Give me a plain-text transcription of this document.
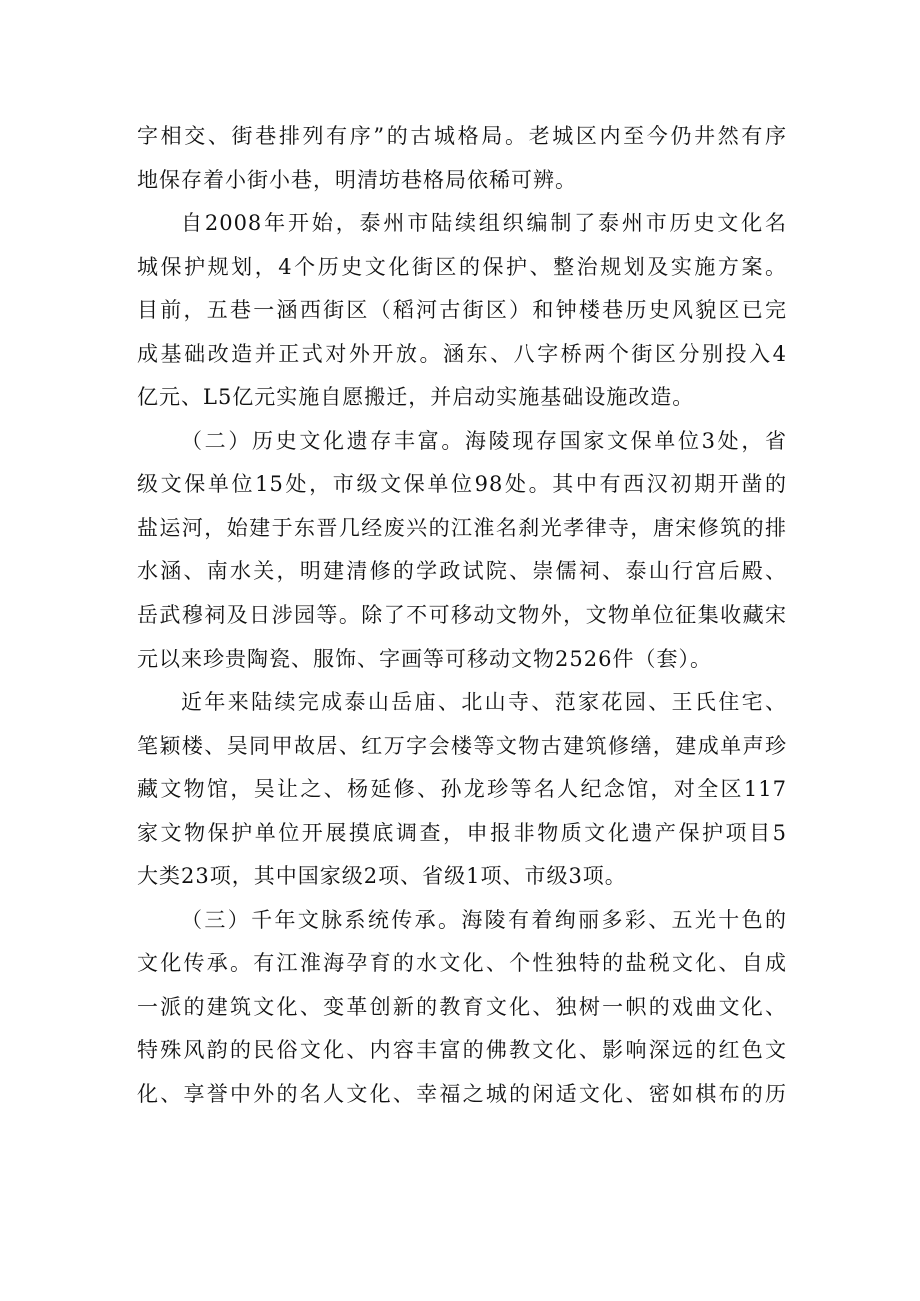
字相交、街巷排列有序”的古城格局。老城区内至今仍井然有序
地保存着小街小巷，明清坊巷格局依稀可辨。
自2008年开始，泰州市陆续组织编制了泰州市历史文化名
城保护规划，4个历史文化街区的保护、整治规划及实施方案。
目前，五巷一涵西街区（稻河古街区）和钟楼巷历史风貌区已完
成基础改造并正式对外开放。涵东、八字桥两个街区分别投入4
亿元、L5亿元实施自愿搬迁，并启动实施基础设施改造。
（二）历史文化遗存丰富。海陵现存国家文保单位3处，省
级文保单位15处，市级文保单位98处。其中有西汉初期开凿的
盐运河，始建于东晋几经废兴的江淮名刹光孝律寺，唐宋修筑的排
水涵、南水关，明建清修的学政试院、崇儒祠、泰山行宫后殿、
岳武穆祠及日涉园等。除了不可移动文物外，文物单位征集收藏宋
元以来珍贵陶瓷、服饰、字画等可移动文物2526件（套）。
近年来陆续完成泰山岳庙、北山寺、范家花园、王氏住宅、
笔颖楼、吴同甲故居、红万字会楼等文物古建筑修缮，建成单声珍
藏文物馆，吴让之、杨延修、孙龙珍等名人纪念馆，对全区117
家文物保护单位开展摸底调查，申报非物质文化遗产保护项目5
大类23项，其中国家级2项、省级1项、市级3项。
（三）千年文脉系统传承。海陵有着绚丽多彩、五光十色的
文化传承。有江淮海孕育的水文化、个性独特的盐税文化、自成
一派的建筑文化、变革创新的教育文化、独树一帜的戏曲文化、
特殊风韵的民俗文化、内容丰富的佛教文化、影响深远的红色文
化、享誉中外的名人文化、幸福之城的闲适文化、密如棋布的历
